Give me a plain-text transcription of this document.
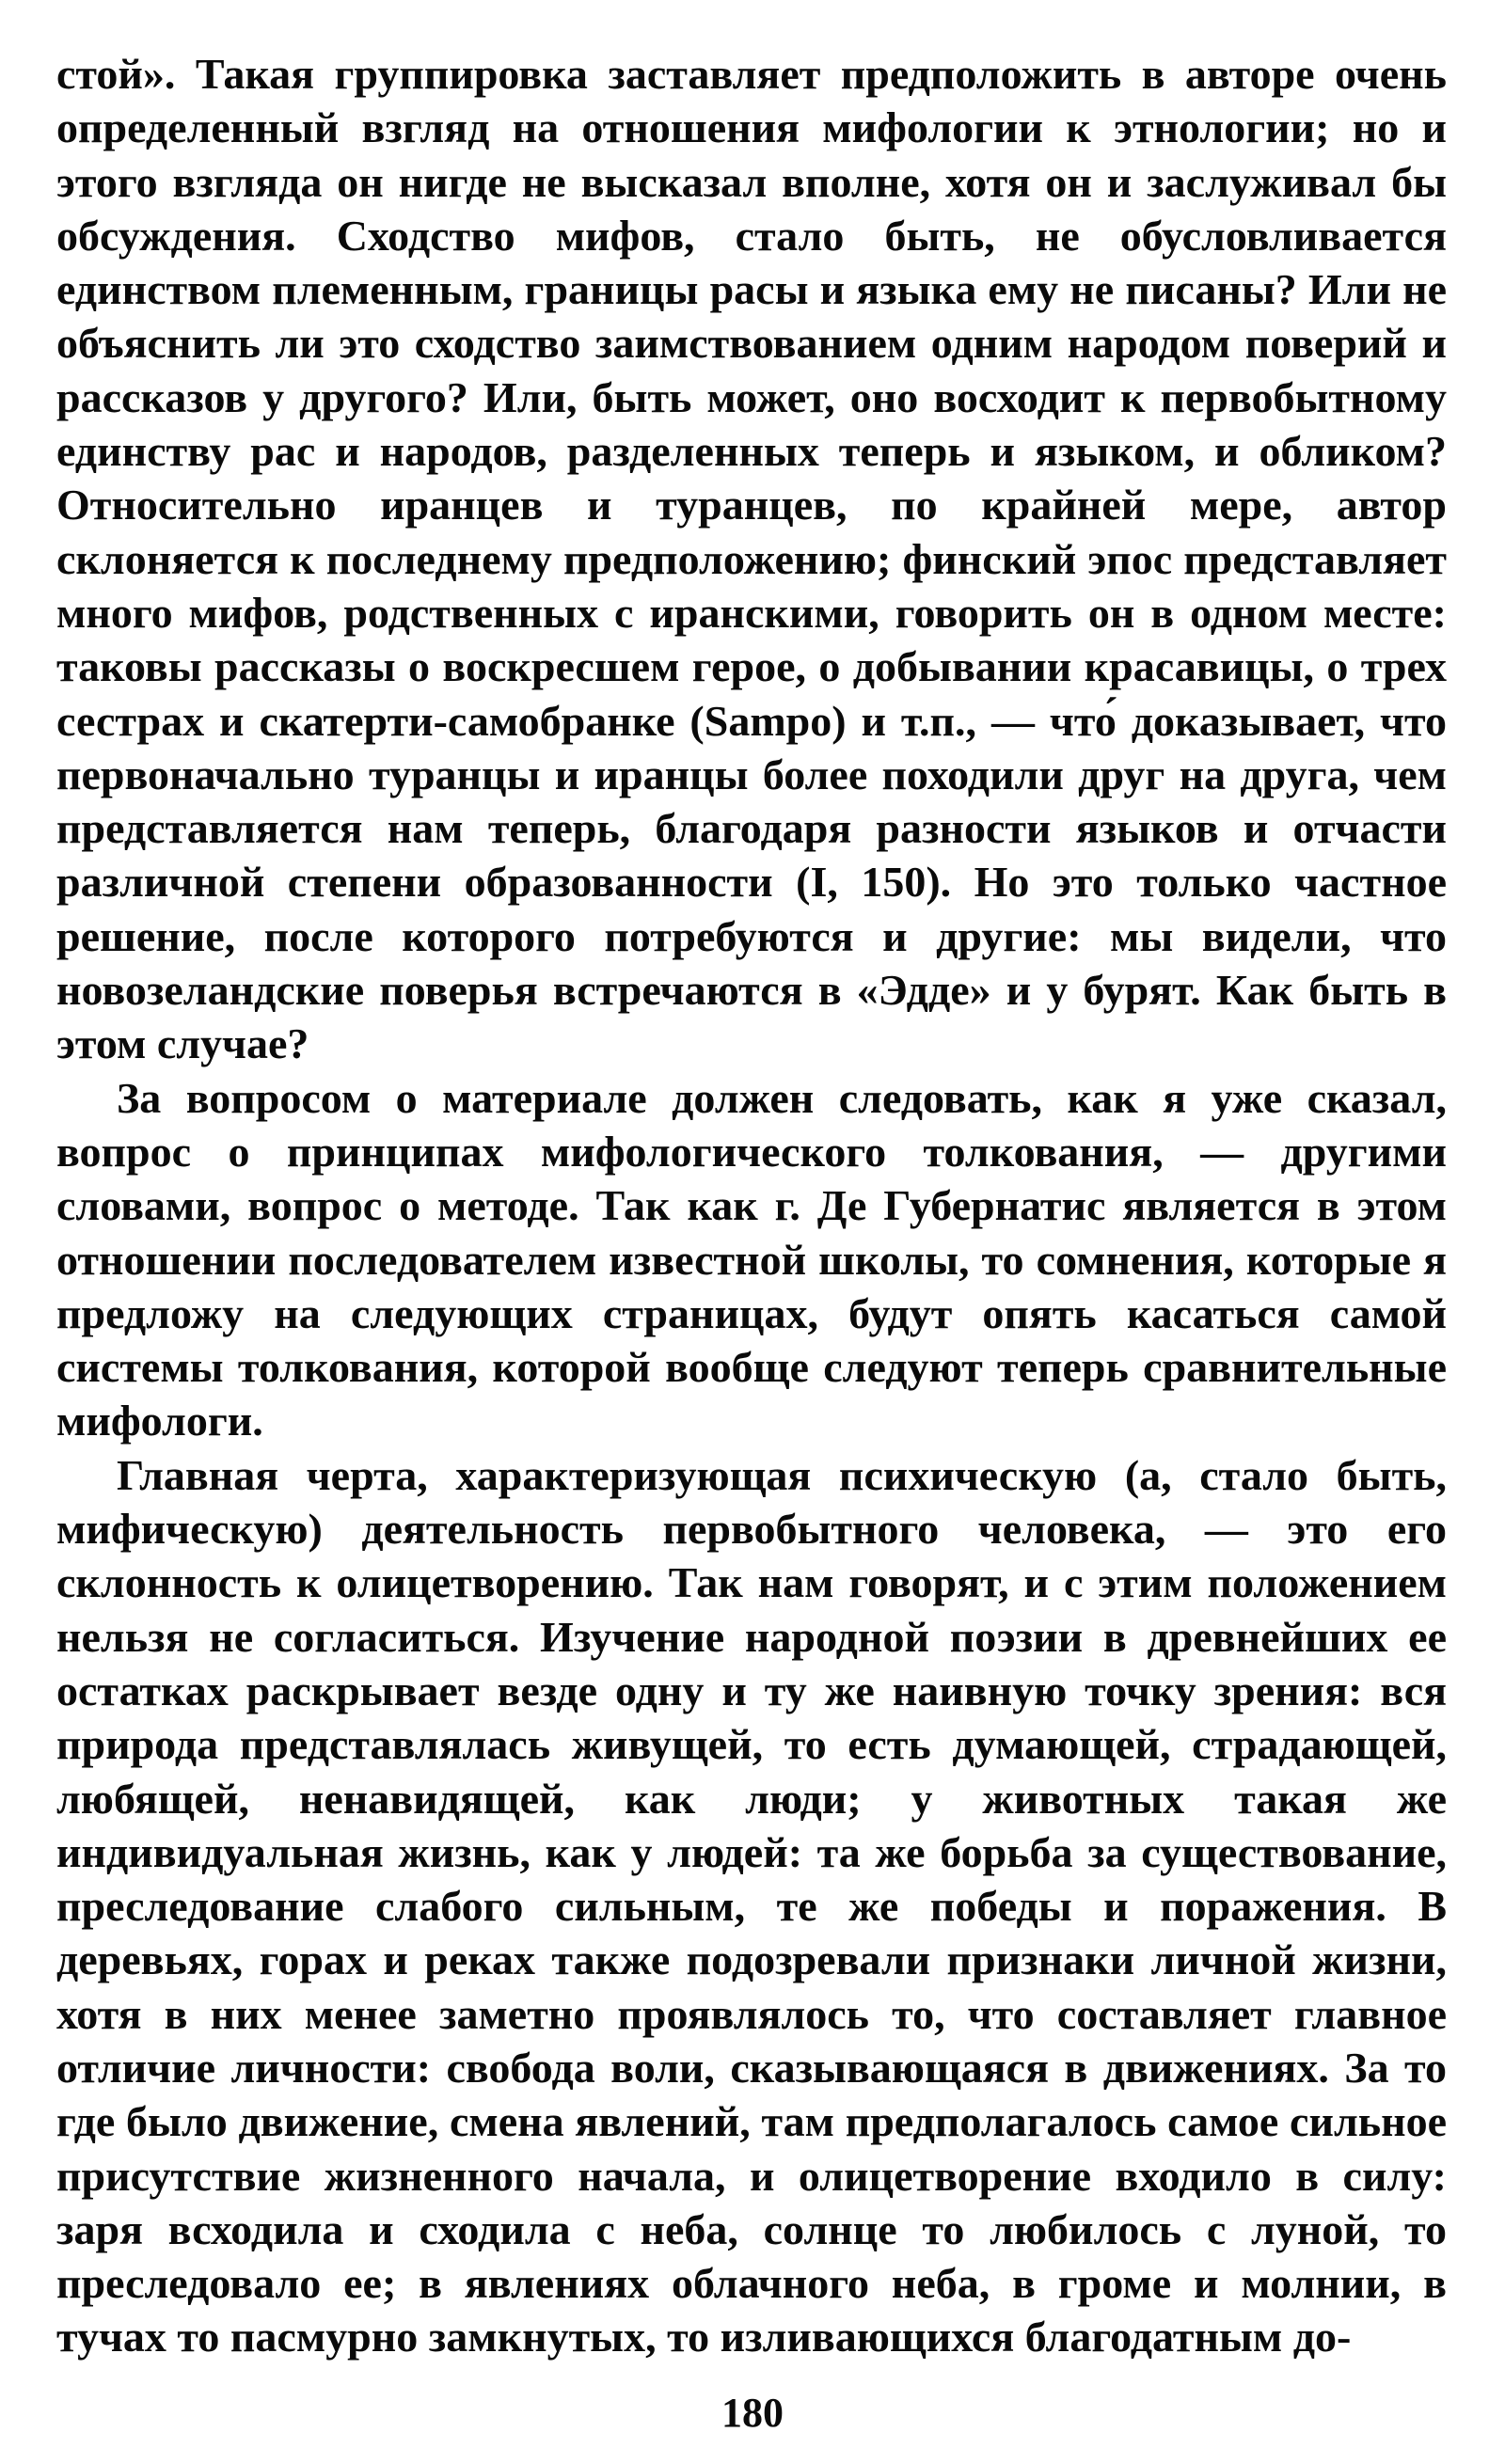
стой». Такая группировка заставляет предположить в авторе очень определенный взгляд на отношения мифологии к этнологии; но и этого взгляда он нигде не высказал вполне, хотя он и заслуживал бы обсуждения. Сходство мифов, стало быть, не обусловливается единством племенным, границы расы и языка ему не писаны? Или не объяснить ли это сходство заимствованием одним народом поверий и рассказов у другого? Или, быть может, оно восходит к первобытному единству рас и народов, разделенных теперь и языком, и обликом? Относительно иранцев и туранцев, по крайней мере, автор склоняется к последнему предположению; финский эпос представляет много мифов, родственных с иранскими, говорить он в одном месте: таковы рассказы о воскресшем герое, о добывании красавицы, о трех сестрах и скатерти-самобранке (Sampo) и т.п., — что́ доказывает, что первоначально туранцы и иранцы более походили друг на друга, чем представляется нам теперь, благодаря разности языков и отчасти различной степени образованности (I, 150). Но это только частное решение, после которого потребуются и другие: мы видели, что новозеландские поверья встречаются в «Эдде» и у бурят. Как быть в этом случае?

За вопросом о материале должен следовать, как я уже сказал, вопрос о принципах мифологического толкования, — другими словами, вопрос о методе. Так как г. Де Губернатис является в этом отношении последователем известной школы, то сомнения, которые я предложу на следующих страницах, будут опять касаться самой системы толкования, которой вообще следуют теперь сравнительные мифологи.

Главная черта, характеризующая психическую (а, стало быть, мифическую) деятельность первобытного человека, — это его склонность к олицетворению. Так нам говорят, и с этим положением нельзя не согласиться. Изучение народной поэзии в древнейших ее остатках раскрывает везде одну и ту же наивную точку зрения: вся природа представлялась живущей, то есть думающей, страдающей, любящей, ненавидящей, как люди; у животных такая же индивидуальная жизнь, как у людей: та же борьба за существование, преследование слабого сильным, те же победы и поражения. В деревьях, горах и реках также подозревали признаки личной жизни, хотя в них менее заметно проявлялось то, что составляет главное отличие личности: свобода воли, сказывающаяся в движениях. За то где было движение, смена явлений, там предполагалось самое сильное присутствие жизненного начала, и олицетворение входило в силу: заря всходила и сходила с неба, солнце то любилось с луной, то преследовало ее; в явлениях облачного неба, в громе и молнии, в тучах то пасмурно замкнутых, то изливающихся благодатным до-

180
